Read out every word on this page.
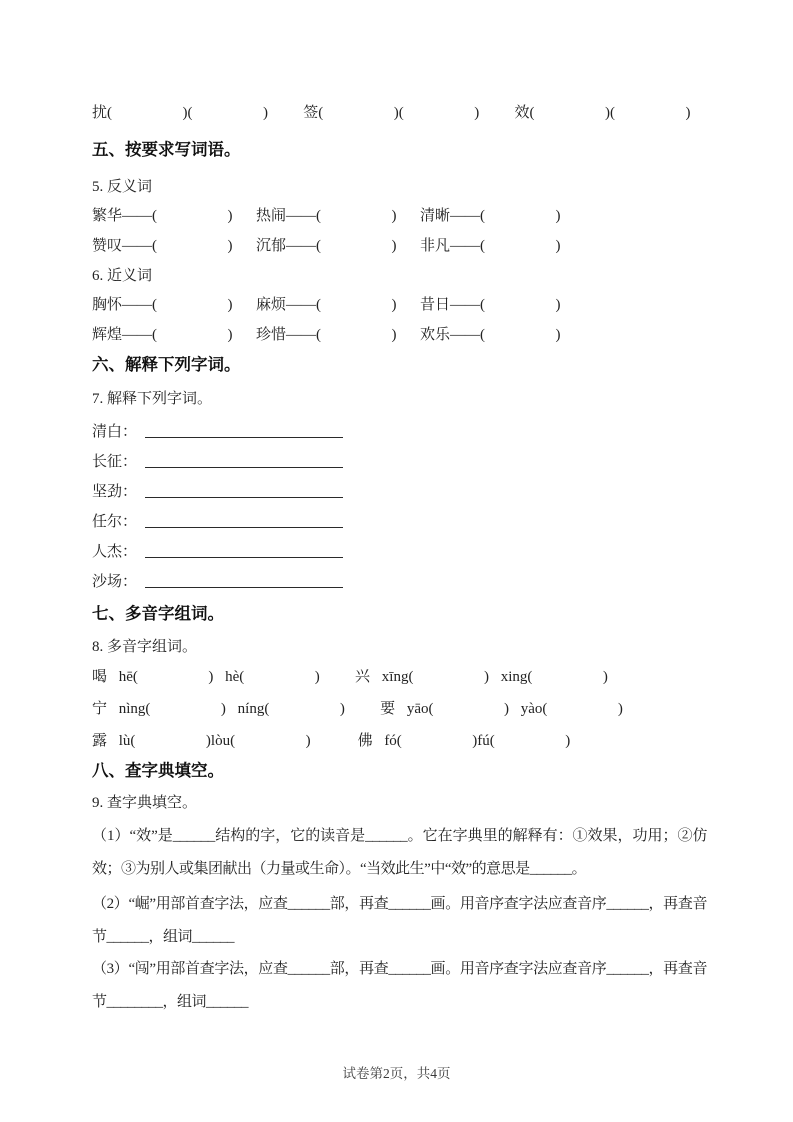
扰(      )(      )   签(      )(      )   效(      )(      )
五、按要求写词语。
5. 反义词
繁华——(      )  热闹——(      )  清晰——(      )
赞叹——(      )  沉郁——(      )  非凡——(      )
6. 近义词
胸怀——(      )  麻烦——(      )  昔日——(      )
辉煌——(      )  珍惜——(      )  欢乐——(      )
六、解释下列字词。
7. 解释下列字词。
清白：
长征：
坚劲：
任尔：
人杰：
沙场：
七、多音字组词。
8. 多音字组词。
喝 hē(      ) hè(      )   兴 xīng(      ) xing(      )
宁 nìng(      ) níng(      )   要 yāo(      ) yào(      )
露 lù(      )lòu(      )    佛 fó(      )fú(      )
八、查字典填空。
9. 查字典填空。

（1）“效”是______结构的字，它的读音是______。它在字典里的解释有：①效果，功用；②仿效；③为别人或集团献出（力量或生命）。“当效此生”中“效”的意思是______。

（2）“崛”用部首查字法，应查______部，再查______画。用音序查字法应查音序______，再查音节______，组词______

（3）“闯”用部首查字法，应查______部，再查______画。用音序查字法应查音序______，再查音节________，组词______

试卷第2页，共4页
